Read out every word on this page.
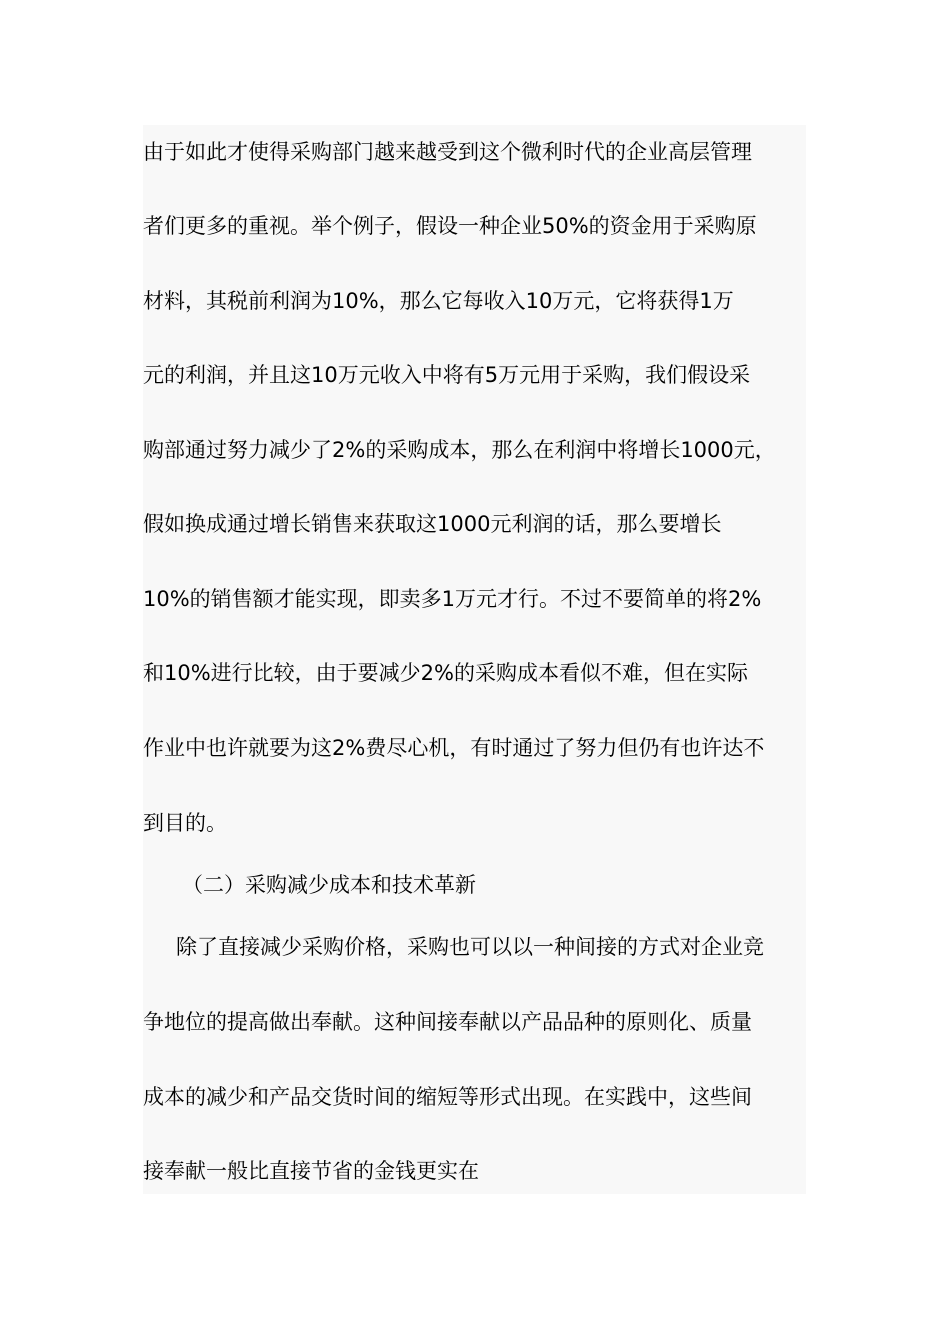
由于如此才使得采购部门越来越受到这个微利时代的企业高层管理
者们更多的重视。举个例子，假设一种企业50%的资金用于采购原
材料，其税前利润为10%，那么它每收入10万元，它将获得1万
元的利润，并且这10万元收入中将有5万元用于采购，我们假设采
购部通过努力减少了2%的采购成本，那么在利润中将增长1000元，
假如换成通过增长销售来获取这1000元利润的话，那么要增长
10%的销售额才能实现，即卖多1万元才行。不过不要简单的将2%
和10%进行比较，由于要减少2%的采购成本看似不难，但在实际
作业中也许就要为这2%费尽心机，有时通过了努力但仍有也许达不
到目的。
（二）采购减少成本和技术革新
除了直接减少采购价格，采购也可以以一种间接的方式对企业竞
争地位的提高做出奉献。这种间接奉献以产品品种的原则化、质量
成本的减少和产品交货时间的缩短等形式出现。在实践中，这些间
接奉献一般比直接节省的金钱更实在
